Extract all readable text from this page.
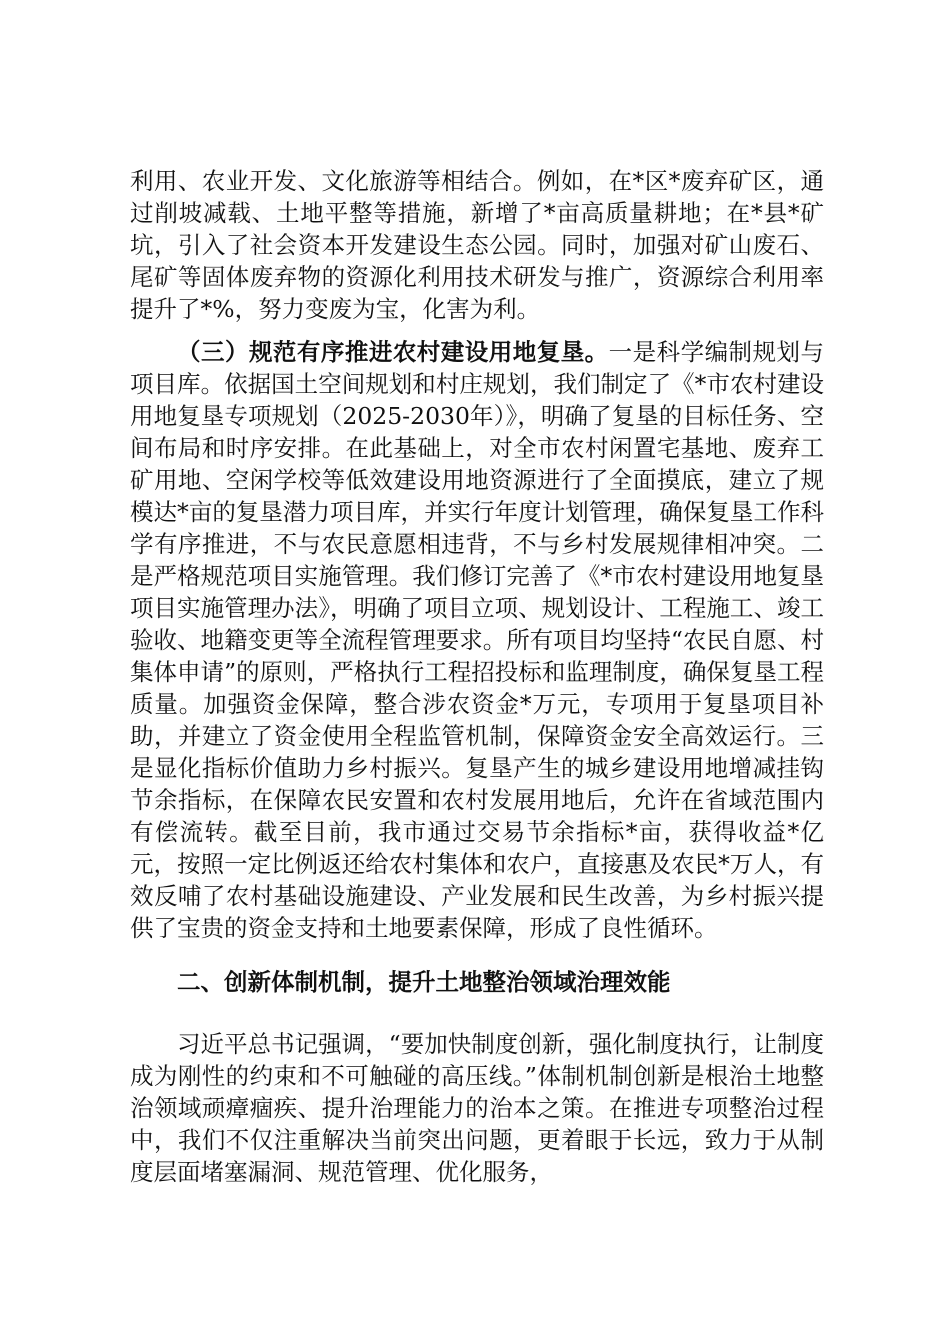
利用、农业开发、文化旅游等相结合。例如，在*区*废弃矿区，通过削坡减载、土地平整等措施，新增了*亩高质量耕地；在*县*矿坑，引入了社会资本开发建设生态公园。同时，加强对矿山废石、尾矿等固体废弃物的资源化利用技术研发与推广，资源综合利用率提升了*%，努力变废为宝，化害为利。

（三）规范有序推进农村建设用地复垦。一是科学编制规划与项目库。依据国土空间规划和村庄规划，我们制定了《*市农村建设用地复垦专项规划（2025-2030年）》，明确了复垦的目标任务、空间布局和时序安排。在此基础上，对全市农村闲置宅基地、废弃工矿用地、空闲学校等低效建设用地资源进行了全面摸底，建立了规模达*亩的复垦潜力项目库，并实行年度计划管理，确保复垦工作科学有序推进，不与农民意愿相违背，不与乡村发展规律相冲突。二是严格规范项目实施管理。我们修订完善了《*市农村建设用地复垦项目实施管理办法》，明确了项目立项、规划设计、工程施工、竣工验收、地籍变更等全流程管理要求。所有项目均坚持“农民自愿、村集体申请”的原则，严格执行工程招投标和监理制度，确保复垦工程质量。加强资金保障，整合涉农资金*万元，专项用于复垦项目补助，并建立了资金使用全程监管机制，保障资金安全高效运行。三是显化指标价值助力乡村振兴。复垦产生的城乡建设用地增减挂钩节余指标，在保障农民安置和农村发展用地后，允许在省域范围内有偿流转。截至目前，我市通过交易节余指标*亩，获得收益*亿元，按照一定比例返还给农村集体和农户，直接惠及农民*万人，有效反哺了农村基础设施建设、产业发展和民生改善，为乡村振兴提供了宝贵的资金支持和土地要素保障，形成了良性循环。

二、创新体制机制，提升土地整治领域治理效能

习近平总书记强调，“要加快制度创新，强化制度执行，让制度成为刚性的约束和不可触碰的高压线。”体制机制创新是根治土地整治领域顽瘴痼疾、提升治理能力的治本之策。在推进专项整治过程中，我们不仅注重解决当前突出问题，更着眼于长远，致力于从制度层面堵塞漏洞、规范管理、优化服务，
